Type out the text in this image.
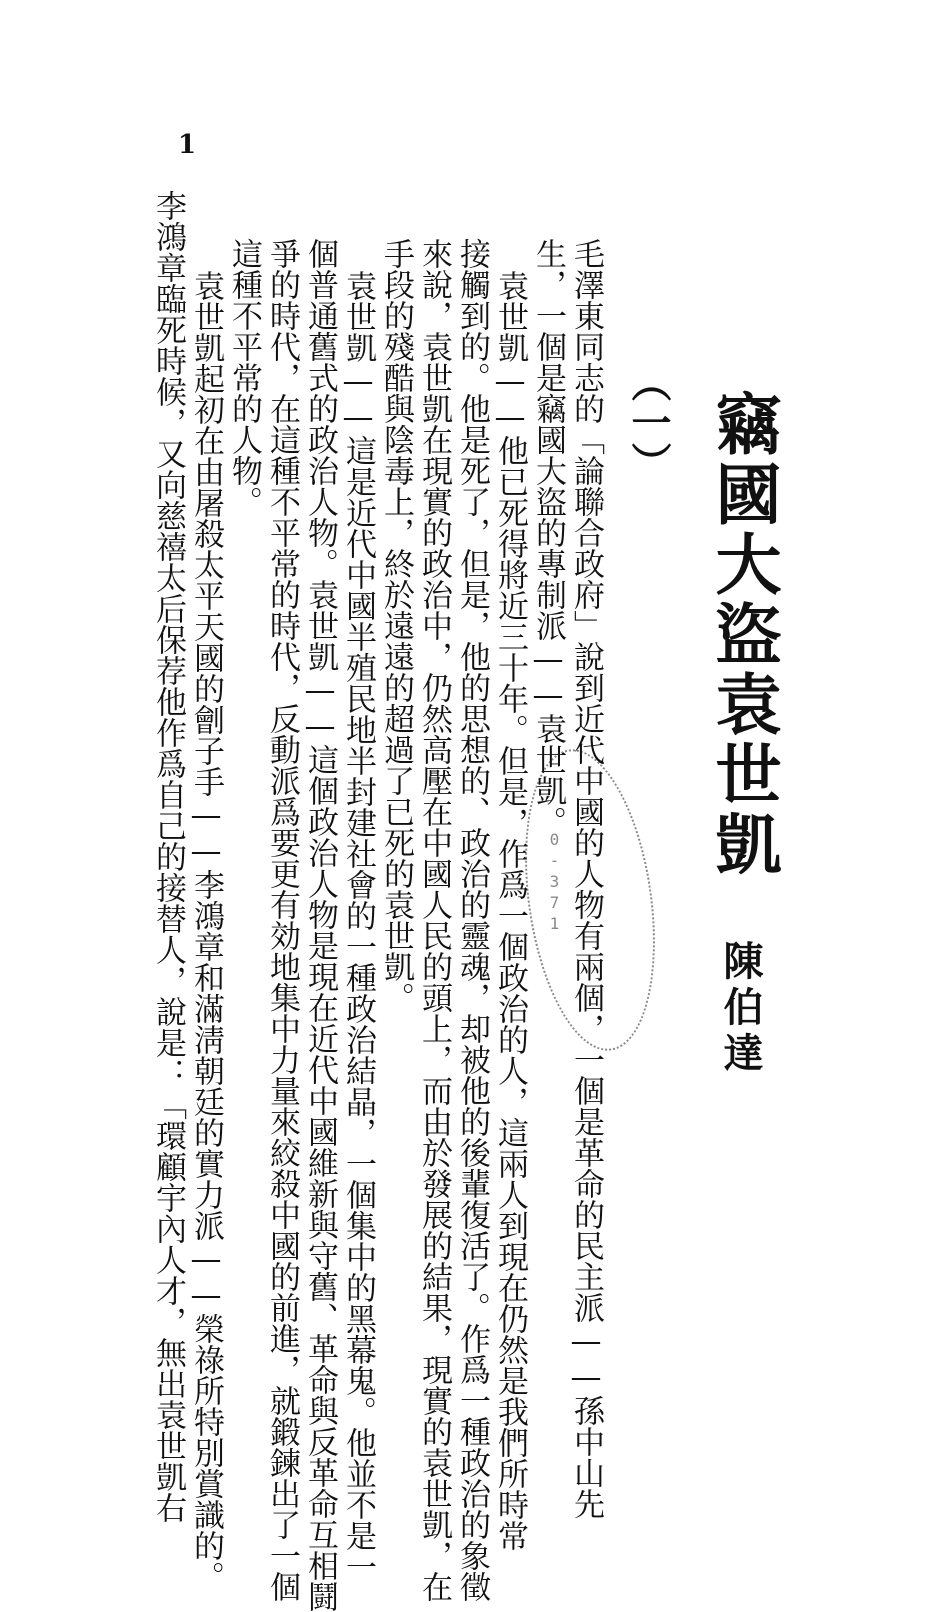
1
竊國大盜袁世凱
（一）
陳伯達
毛澤東同志的「論聯合政府」說到近代中國的人物有兩個，一個是革命的民主派——孫中山先
生，一個是竊國大盜的專制派——袁世凱。
袁世凱——他已死得將近三十年。但是，作爲一個政治的人，這兩人到現在仍然是我們所時常
接觸到的。他是死了，但是，他的思想的、政治的靈魂，却被他的後輩復活了。作爲一種政治的象徵
來說，袁世凱在現實的政治中，仍然高壓在中國人民的頭上，而由於發展的結果，現實的袁世凱，在
手段的殘酷與陰毒上，終於遠遠的超過了已死的袁世凱。
袁世凱——這是近代中國半殖民地半封建社會的一種政治結晶，一個集中的黑幕鬼。他並不是一
個普通舊式的政治人物。袁世凱——這個政治人物是現在近代中國維新與守舊、革命與反革命互相鬪
爭的時代，在這種不平常的時代，反動派爲要更有効地集中力量來絞殺中國的前進，就鍛鍊出了一個
這種不平常的人物。
袁世凱起初在由屠殺太平天國的劊子手——李鴻章和滿淸朝廷的實力派——榮祿所特別賞識的。
李鴻章臨死時候，又向慈禧太后保荐他作爲自己的接替人，說是：「環顧宇內人才，無出袁世凱右	0-371
